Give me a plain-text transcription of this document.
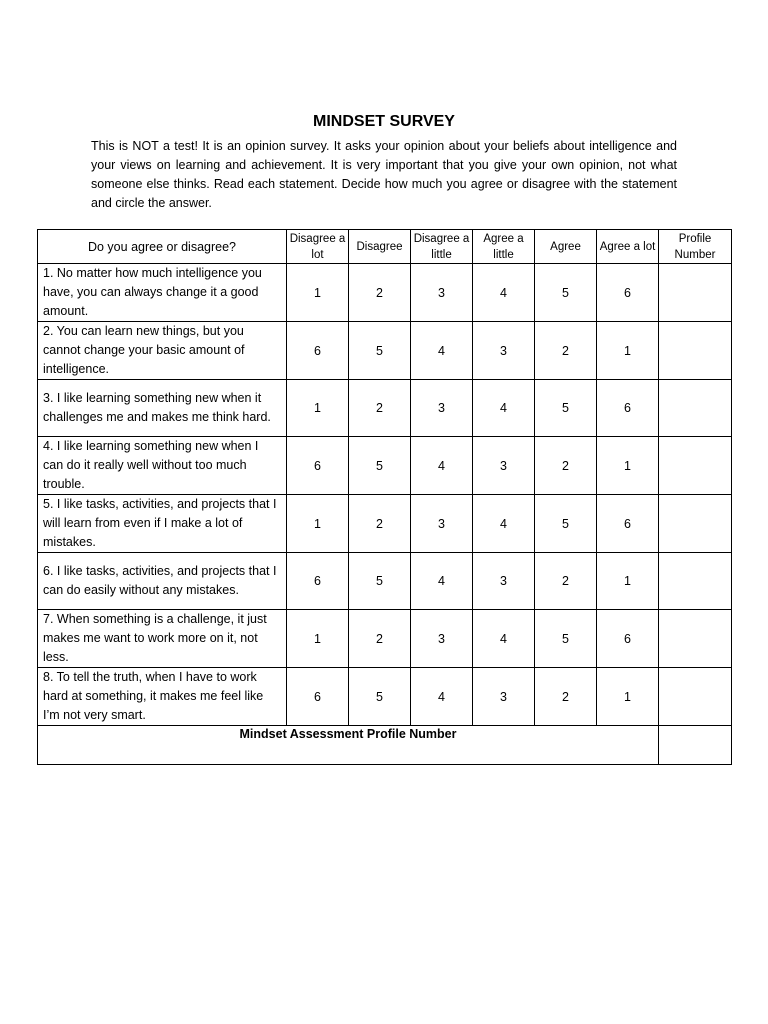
MINDSET SURVEY

This is NOT a test! It is an opinion survey. It asks your opinion about your beliefs about intelligence and your views on learning and achievement. It is very important that you give your own opinion, not what someone else thinks. Read each statement. Decide how much you agree or disagree with the statement and circle the answer.

Do you agree or disagree?	Disagree a lot	Disagree	Disagree a little	Agree a little	Agree	Agree a lot	Profile Number
1. No matter how much intelligence you have, you can always change it a good amount.	1	2	3	4	5	6	
2. You can learn new things, but you cannot change your basic amount of intelligence.	6	5	4	3	2	1	
3. I like learning something new when it challenges me and makes me think hard.	1	2	3	4	5	6	
4. I like learning something new when I can do it really well without too much trouble.	6	5	4	3	2	1	
5. I like tasks, activities, and projects that I will learn from even if I make a lot of mistakes.	1	2	3	4	5	6	
6. I like tasks, activities, and projects that I can do easily without any mistakes.	6	5	4	3	2	1	
7. When something is a challenge, it just makes me want to work more on it, not less.	1	2	3	4	5	6	
8. To tell the truth, when I have to work hard at something, it makes me feel like I’m not very smart.	6	5	4	3	2	1	
Mindset Assessment Profile Number							
